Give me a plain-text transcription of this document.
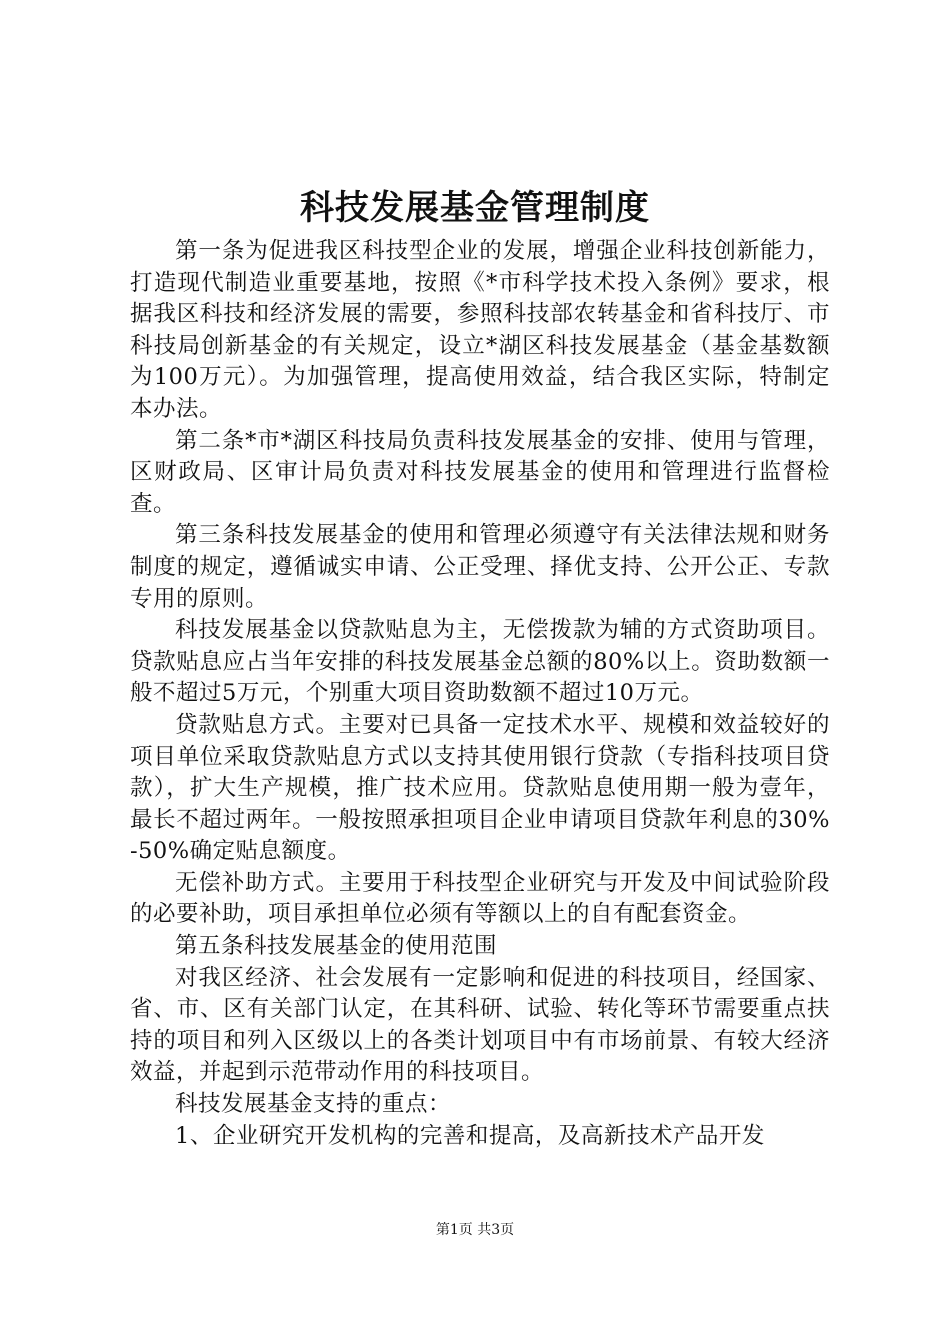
科技发展基金管理制度

第一条为促进我区科技型企业的发展，增强企业科技创新能力，打造现代制造业重要基地，按照《*市科学技术投入条例》要求，根据我区科技和经济发展的需要，参照科技部农转基金和省科技厅、市科技局创新基金的有关规定，设立*湖区科技发展基金（基金基数额为100万元）。为加强管理，提高使用效益，结合我区实际，特制定本办法。

第二条*市*湖区科技局负责科技发展基金的安排、使用与管理，区财政局、区审计局负责对科技发展基金的使用和管理进行监督检查。

第三条科技发展基金的使用和管理必须遵守有关法律法规和财务制度的规定，遵循诚实申请、公正受理、择优支持、公开公正、专款专用的原则。

科技发展基金以贷款贴息为主，无偿拨款为辅的方式资助项目。贷款贴息应占当年安排的科技发展基金总额的80%以上。资助数额一般不超过5万元，个别重大项目资助数额不超过10万元。

贷款贴息方式。主要对已具备一定技术水平、规模和效益较好的项目单位采取贷款贴息方式以支持其使用银行贷款（专指科技项目贷款），扩大生产规模，推广技术应用。贷款贴息使用期一般为壹年，最长不超过两年。一般按照承担项目企业申请项目贷款年利息的30%-50%确定贴息额度。

无偿补助方式。主要用于科技型企业研究与开发及中间试验阶段的必要补助，项目承担单位必须有等额以上的自有配套资金。

第五条科技发展基金的使用范围

对我区经济、社会发展有一定影响和促进的科技项目，经国家、省、市、区有关部门认定，在其科研、试验、转化等环节需要重点扶持的项目和列入区级以上的各类计划项目中有市场前景、有较大经济效益，并起到示范带动作用的科技项目。

科技发展基金支持的重点：

1、企业研究开发机构的完善和提高，及高新技术产品开发

第1页 共3页
